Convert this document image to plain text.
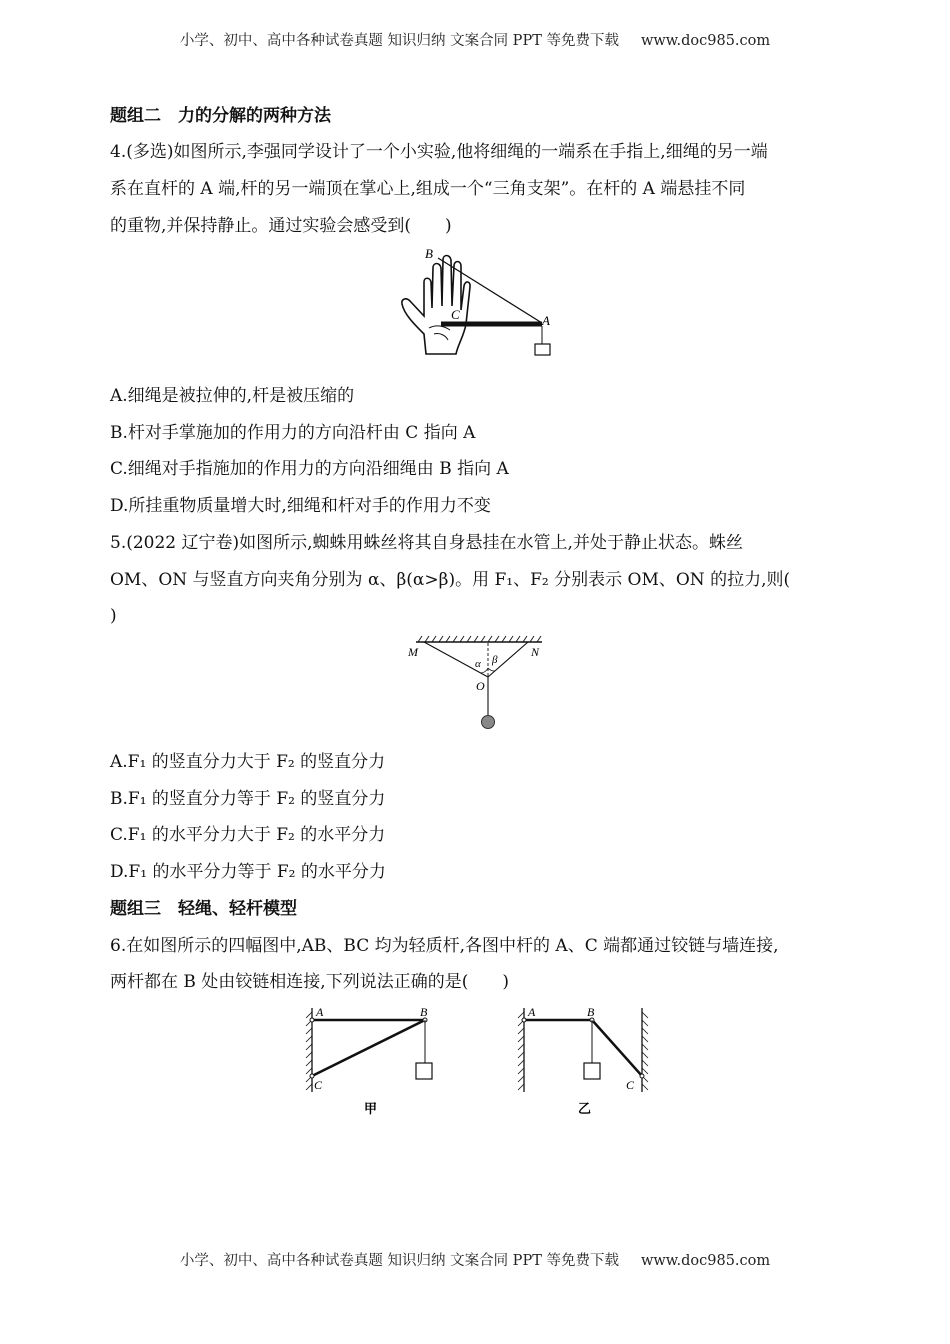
小学、初中、高中各种试卷真题 知识归纳 文案合同 PPT 等免费下载 www.doc985.com
题组二　力的分解的两种方法
4.(多选)如图所示,李强同学设计了一个小实验,他将细绳的一端系在手指上,细绳的另一端
系在直杆的 A 端,杆的另一端顶在掌心上,组成一个“三角支架”。在杆的 A 端悬挂不同
的重物,并保持静止。通过实验会感受到(　　)
B
C	A
A.细绳是被拉伸的,杆是被压缩的
B.杆对手掌施加的作用力的方向沿杆由 C 指向 A
C.细绳对手指施加的作用力的方向沿细绳由 B 指向 A
D.所挂重物质量增大时,细绳和杆对手的作用力不变
5.(2022 辽宁卷)如图所示,蜘蛛用蛛丝将其自身悬挂在水管上,并处于静止状态。蛛丝
OM、ON 与竖直方向夹角分别为 α、β(α>β)。用 F₁、F₂ 分别表示 OM、ON 的拉力,则(
)
M	N
O
α β
A.F₁ 的竖直分力大于 F₂ 的竖直分力
B.F₁ 的竖直分力等于 F₂ 的竖直分力
C.F₁ 的水平分力大于 F₂ 的水平分力
D.F₁ 的水平分力等于 F₂ 的水平分力
题组三　轻绳、轻杆模型
6.在如图所示的四幅图中,AB、BC 均为轻质杆,各图中杆的 A、C 端都通过铰链与墙连接,
两杆都在 B 处由铰链相连接,下列说法正确的是(　　)
A	B
C
甲
A	B
C
乙
小学、初中、高中各种试卷真题 知识归纳 文案合同 PPT 等免费下载 www.doc985.com
